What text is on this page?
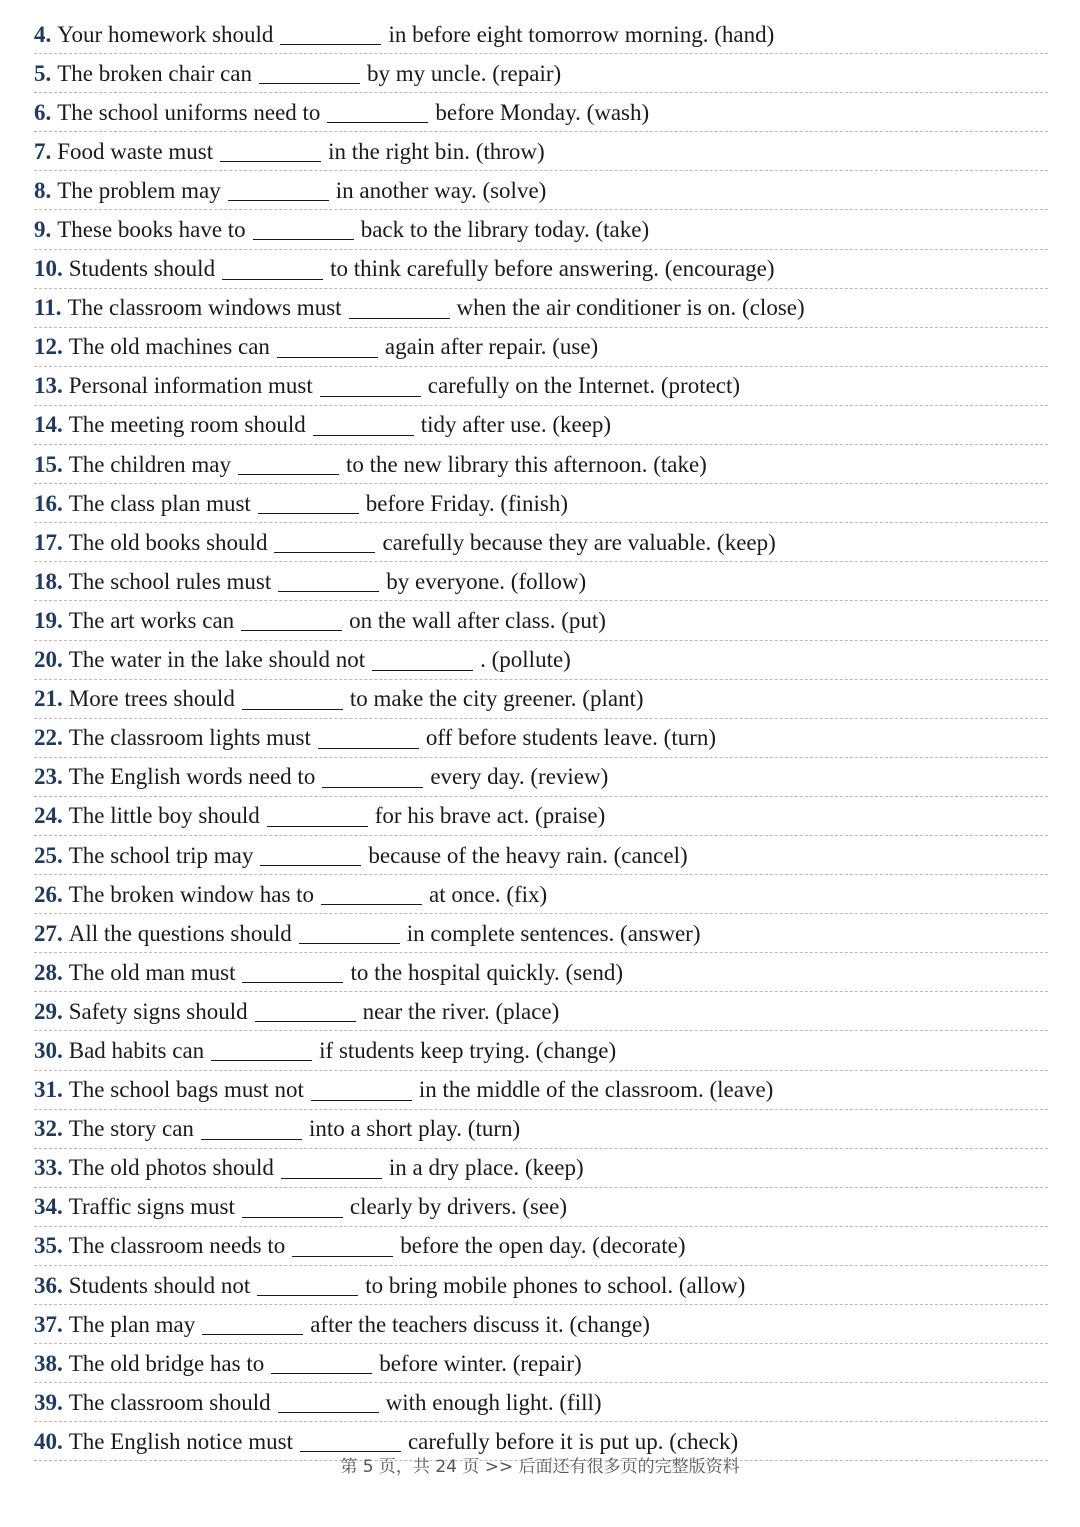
4. Your homework should	in before eight tomorrow morning. (hand)
5. The broken chair can	by my uncle. (repair)
6. The school uniforms need to	before Monday. (wash)
7. Food waste must	in the right bin. (throw)
8. The problem may	in another way. (solve)
9. These books have to	back to the library today. (take)
10. Students should	to think carefully before answering. (encourage)
11. The classroom windows must	when the air conditioner is on. (close)
12. The old machines can	again after repair. (use)
13. Personal information must	carefully on the Internet. (protect)
14. The meeting room should	tidy after use. (keep)
15. The children may	to the new library this afternoon. (take)
16. The class plan must	before Friday. (finish)
17. The old books should	carefully because they are valuable. (keep)
18. The school rules must	by everyone. (follow)
19. The art works can	on the wall after class. (put)
20. The water in the lake should not	. (pollute)
21. More trees should	to make the city greener. (plant)
22. The classroom lights must	off before students leave. (turn)
23. The English words need to	every day. (review)
24. The little boy should	for his brave act. (praise)
25. The school trip may	because of the heavy rain. (cancel)
26. The broken window has to	at once. (fix)
27. All the questions should	in complete sentences. (answer)
28. The old man must	to the hospital quickly. (send)
29. Safety signs should	near the river. (place)
30. Bad habits can	if students keep trying. (change)
31. The school bags must not	in the middle of the classroom. (leave)
32. The story can	into a short play. (turn)
33. The old photos should	in a dry place. (keep)
34. Traffic signs must	clearly by drivers. (see)
35. The classroom needs to	before the open day. (decorate)
36. Students should not	to bring mobile phones to school. (allow)
37. The plan may	after the teachers discuss it. (change)
38. The old bridge has to	before winter. (repair)
39. The classroom should	with enough light. (fill)
40. The English notice must	carefully before it is put up. (check)
第 5 页，共 24 页 >> 后面还有很多页的完整版资料
